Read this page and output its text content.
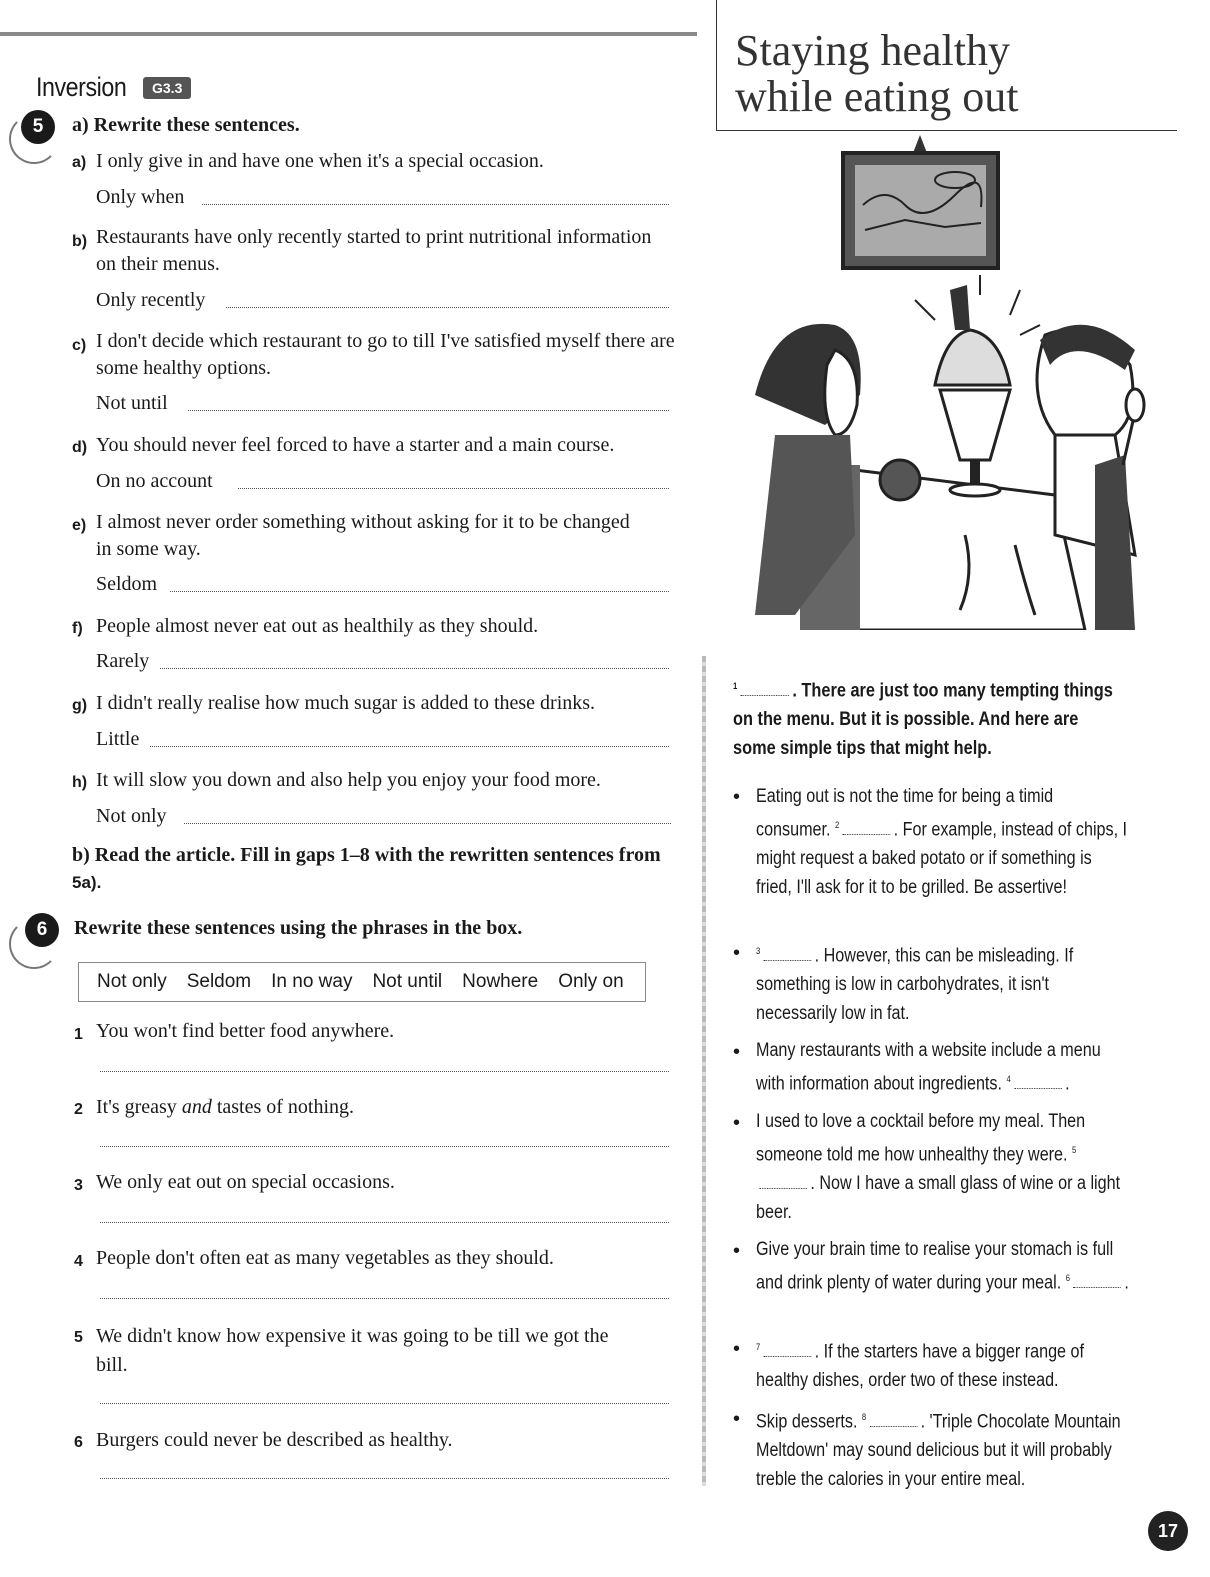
Inversion	G3.3
5	a) Rewrite these sentences.
a) I only give in and have one when it's a special occasion.
Only when
b) Restaurants have only recently started to print nutritional information on their menus.
Only recently
c) I don't decide which restaurant to go to till I've satisfied myself there are some healthy options.
Not until
d) You should never feel forced to have a starter and a main course.
On no account
e) I almost never order something without asking for it to be changed in some way.
Seldom
f) People almost never eat out as healthily as they should.
Rarely
g) I didn't really realise how much sugar is added to these drinks.
Little
h) It will slow you down and also help you enjoy your food more.
Not only
b) Read the article. Fill in gaps 1–8 with the rewritten sentences from 5a).
6	Rewrite these sentences using the phrases in the box.
Not only Seldom In no way Not until Nowhere Only on
1 You won't find better food anywhere.
2 It's greasy and tastes of nothing.
3 We only eat out on special occasions.
4 People don't often eat as many vegetables as they should.
5 We didn't know how expensive it was going to be till we got the bill.
6 Burgers could never be described as healthy.
Staying healthy
while eating out
$^1$	. There are just too many tempting things on the menu. But it is possible. And here are some simple tips that might help.
• Eating out is not the time for being a timid consumer. $^2$	. For example, instead of chips, I might request a baked potato or if something is fried, I'll ask for it to be grilled. Be assertive!
• $^3$	. However, this can be misleading. If something is low in carbohydrates, it isn't necessarily low in fat.
• Many restaurants with a website include a menu with information about ingredients. $^4$	.
• I used to love a cocktail before my meal. Then someone told me how unhealthy they were. $^5$. Now I have a small glass of wine or a light beer.
• Give your brain time to realise your stomach is full and drink plenty of water during your meal. $^6$	.
• $^7$	. If the starters have a bigger range of healthy dishes, order two of these instead.
• Skip desserts. $^8$	. 'Triple Chocolate Mountain Meltdown' may sound delicious but it will probably treble the calories in your entire meal.
17
